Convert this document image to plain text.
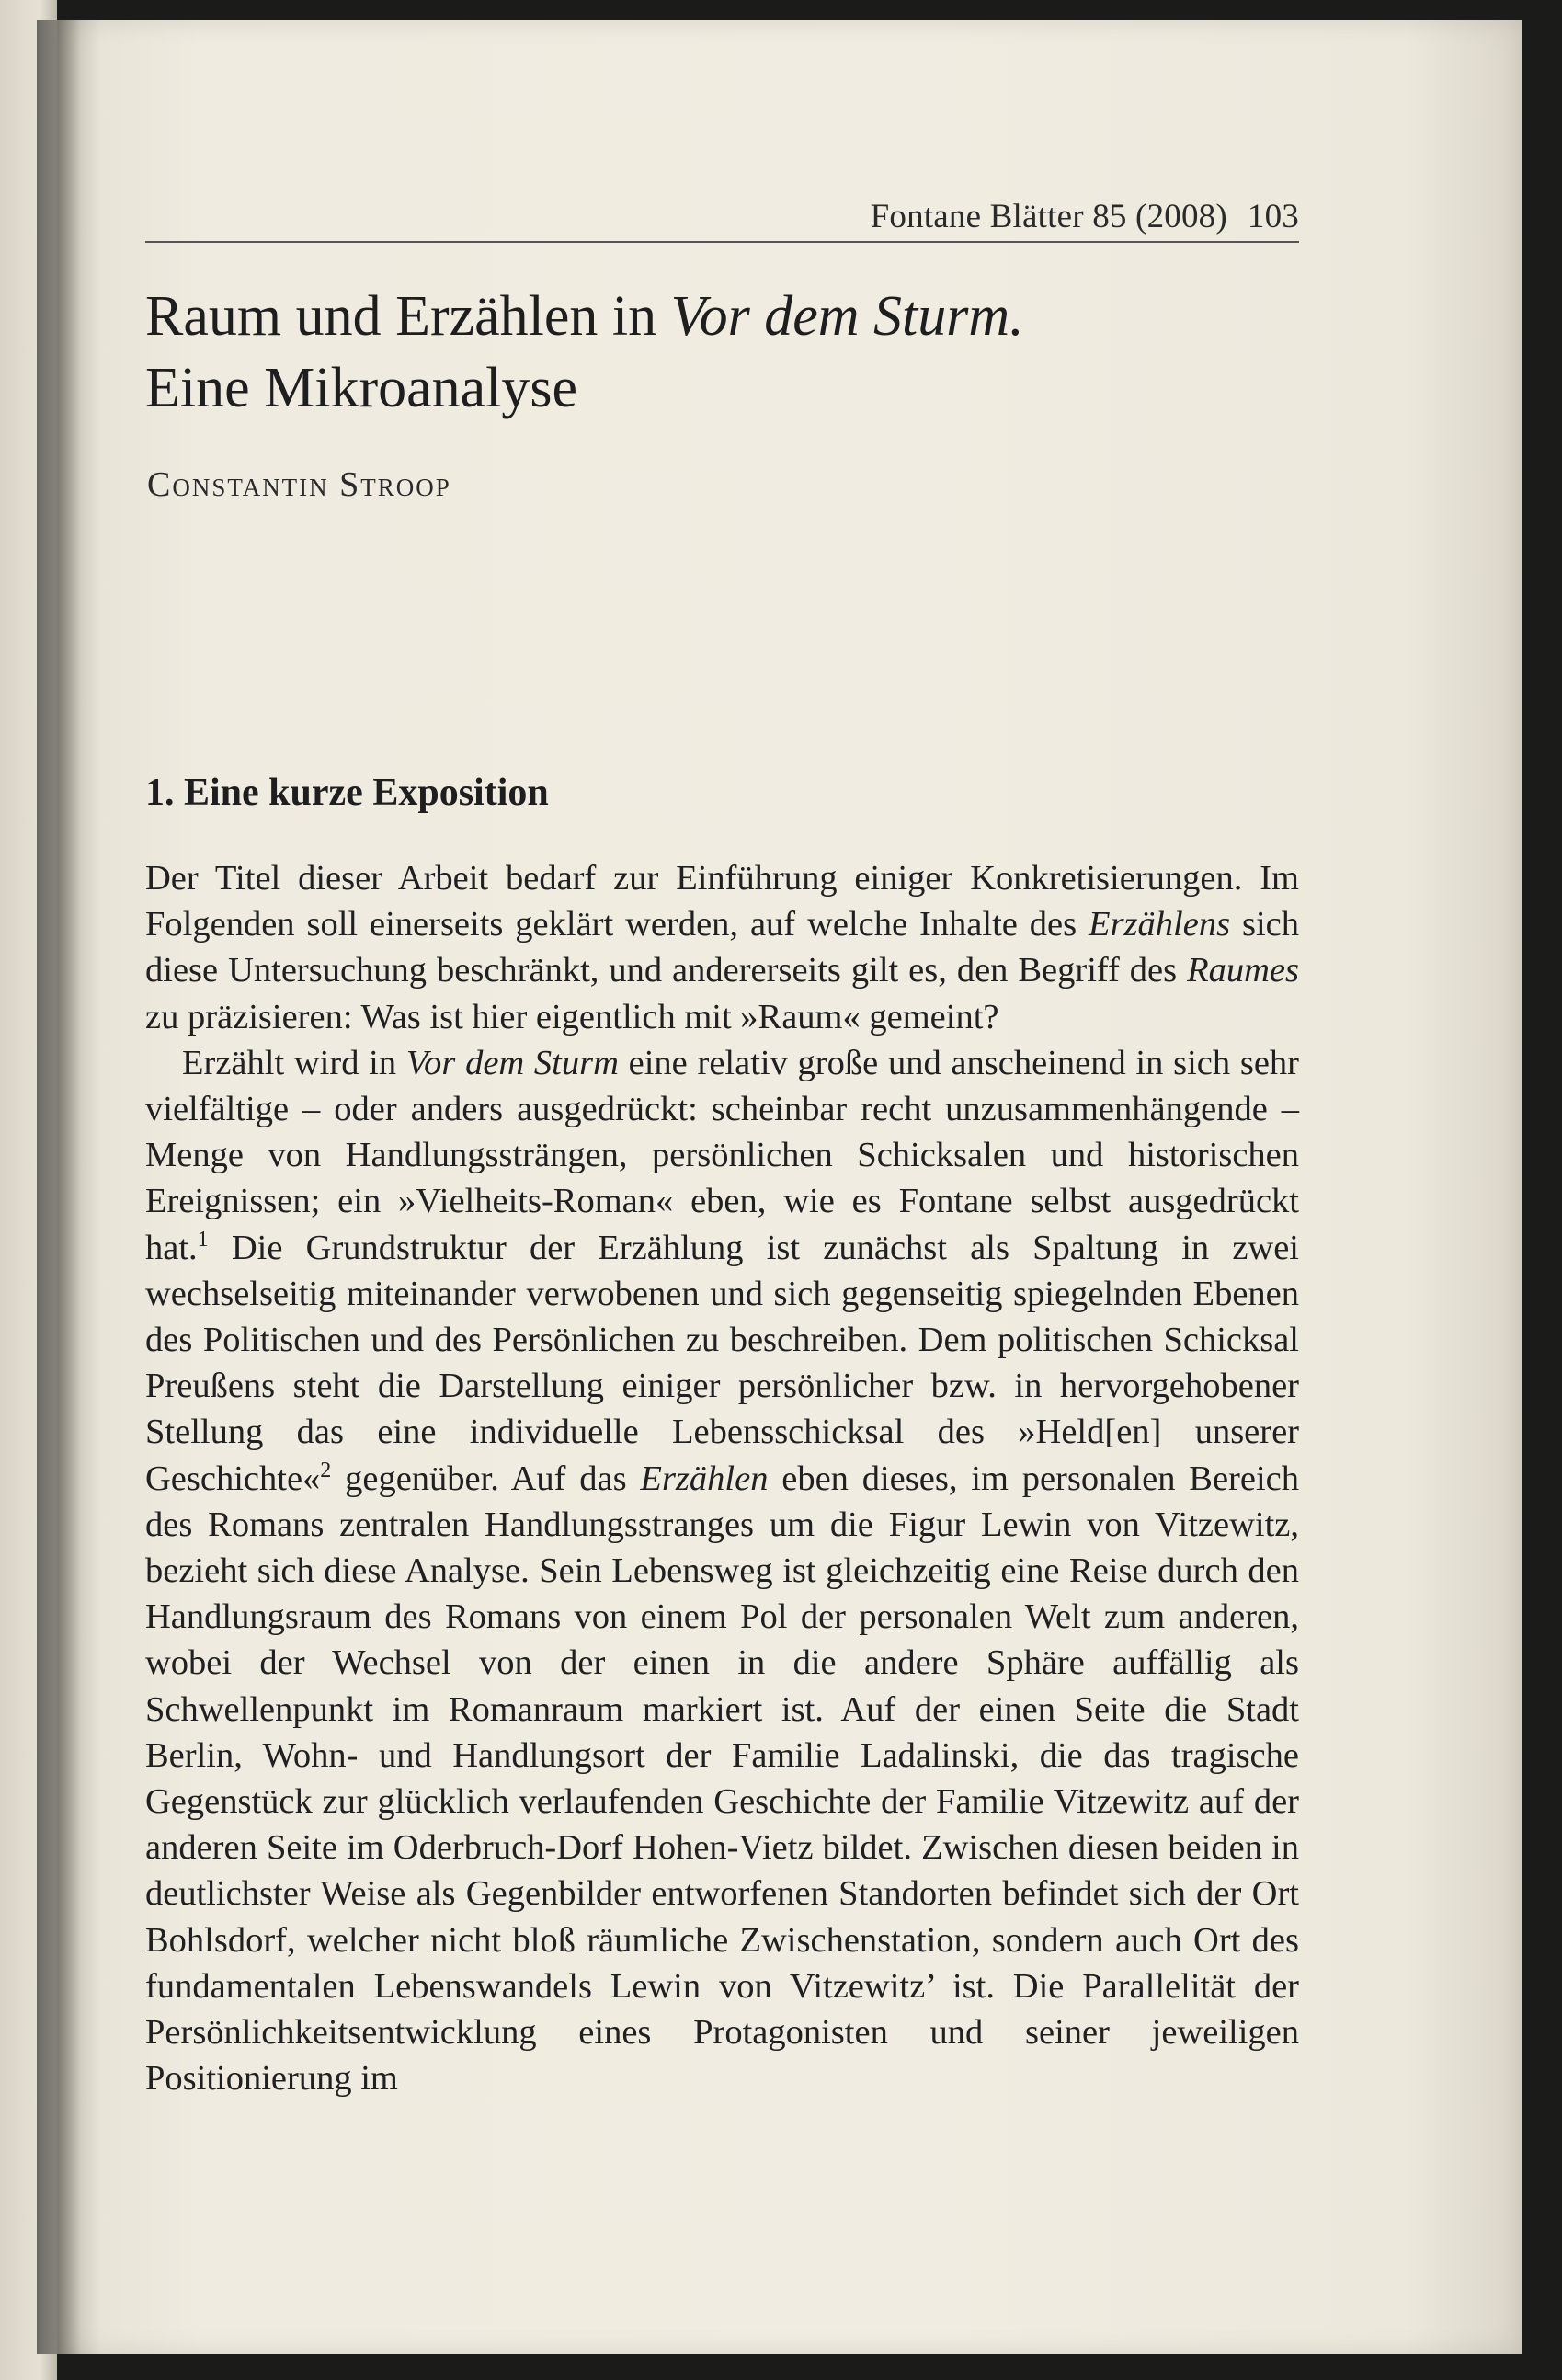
Fontane Blätter 85 (2008) 103
Raum und Erzählen in Vor dem Sturm.
Eine Mikroanalyse
Constantin Stroop
1. Eine kurze Exposition

Der Titel dieser Arbeit bedarf zur Einführung einiger Konkretisierungen. Im Folgenden soll einerseits geklärt werden, auf welche Inhalte des Erzählens sich diese Untersuchung beschränkt, und andererseits gilt es, den Begriff des Raumes zu präzisieren: Was ist hier eigentlich mit »Raum« gemeint?

Erzählt wird in Vor dem Sturm eine relativ große und anscheinend in sich sehr vielfältige – oder anders ausgedrückt: scheinbar recht unzusammenhängende – Menge von Handlungssträngen, persönlichen Schicksalen und historischen Ereignissen; ein »Vielheits-Roman« eben, wie es Fontane selbst ausgedrückt hat.$^1$ Die Grundstruktur der Erzählung ist zunächst als Spaltung in zwei wechselseitig miteinander verwobenen und sich gegenseitig spiegelnden Ebenen des Politischen und des Persönlichen zu beschreiben. Dem politischen Schicksal Preußens steht die Darstellung einiger persönlicher bzw. in hervorgehobener Stellung das eine individuelle Lebensschicksal des »Held[en] unserer Geschichte«$^2$ gegenüber. Auf das Erzählen eben dieses, im personalen Bereich des Romans zentralen Handlungsstranges um die Figur Lewin von Vitzewitz, bezieht sich diese Analyse. Sein Lebensweg ist gleichzeitig eine Reise durch den Handlungsraum des Romans von einem Pol der personalen Welt zum anderen, wobei der Wechsel von der einen in die andere Sphäre auffällig als Schwellenpunkt im Romanraum markiert ist. Auf der einen Seite die Stadt Berlin, Wohn- und Handlungsort der Familie Ladalinski, die das tragische Gegenstück zur glücklich verlaufenden Geschichte der Familie Vitzewitz auf der anderen Seite im Oderbruch-Dorf Hohen-Vietz bildet. Zwischen diesen beiden in deutlichster Weise als Gegenbilder entworfenen Standorten befindet sich der Ort Bohlsdorf, welcher nicht bloß räumliche Zwischenstation, sondern auch Ort des fundamentalen Lebenswandels Lewin von Vitzewitz’ ist. Die Parallelität der Persönlichkeitsentwicklung eines Protagonisten und seiner jeweiligen Positionierung im
